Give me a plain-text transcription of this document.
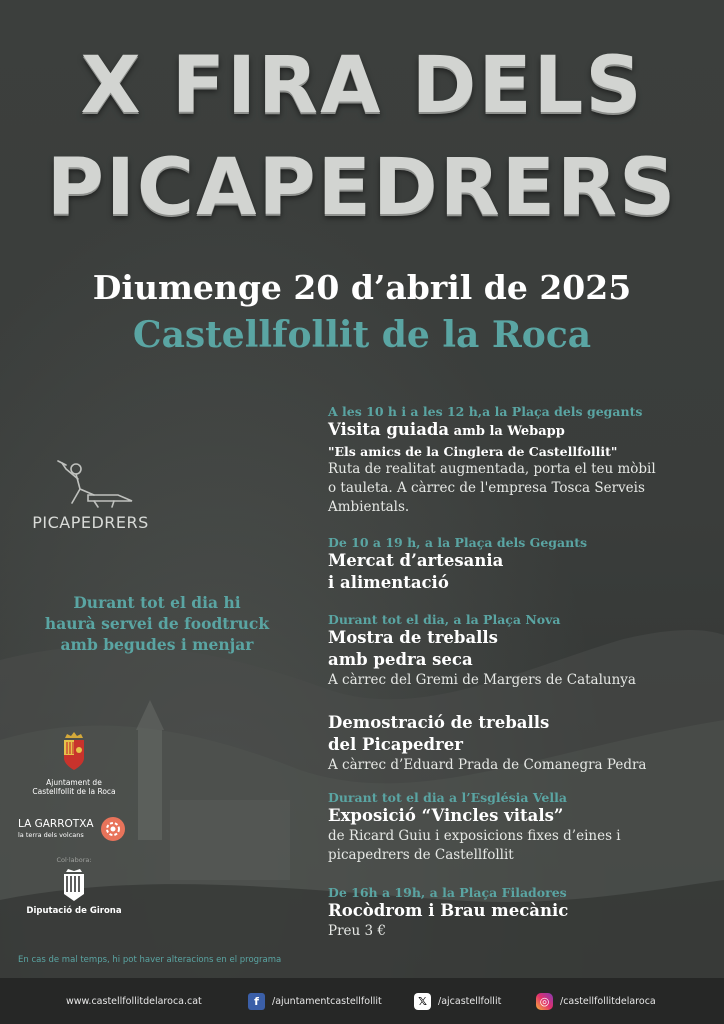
X FIRA DELS
PICAPEDRERS
Diumenge 20 d’abril de 2025
Castellfollit de la Roca
PICAPEDRERS
Durant tot el dia hi
haurà servei de foodtruck
amb begudes i menjar
A les 10 h i a les 12 h,a la Plaça dels gegants
Visita guiada amb la Webapp
"Els amics de la Cinglera de Castellfollit"
Ruta de realitat augmentada, porta el teu mòbil
o tauleta. A càrrec de l'empresa Tosca Serveis
Ambientals.
De 10 a 19 h, a la Plaça dels Gegants
Mercat d’artesania
i alimentació
Durant tot el dia, a la Plaça Nova
Mostra de treballs
amb pedra seca
A càrrec del Gremi de Margers de Catalunya
Demostració de treballs
del Picapedrer
A càrrec d’Eduard Prada de Comanegra Pedra
Durant tot el dia a l’Església Vella
Exposició “Vincles vitals”
de Ricard Guiu i exposicions fixes d’eines i
picapedrers de Castellfollit
De 16h a 19h, a la Plaça Filadores
Rocòdrom i Brau mecànic
Preu 3 €
Ajuntament de
Castellfollit de la Roca
LA GARROTXA
la terra dels volcans
Col·labora:
Diputació de Girona
En cas de mal temps, hi pot haver alteracions en el programa
www.castellfollitdelaroca.cat	f	/ajuntamentcastellfollit	𝕏	/ajcastellfollit	◎	/castellfollitdelaroca
